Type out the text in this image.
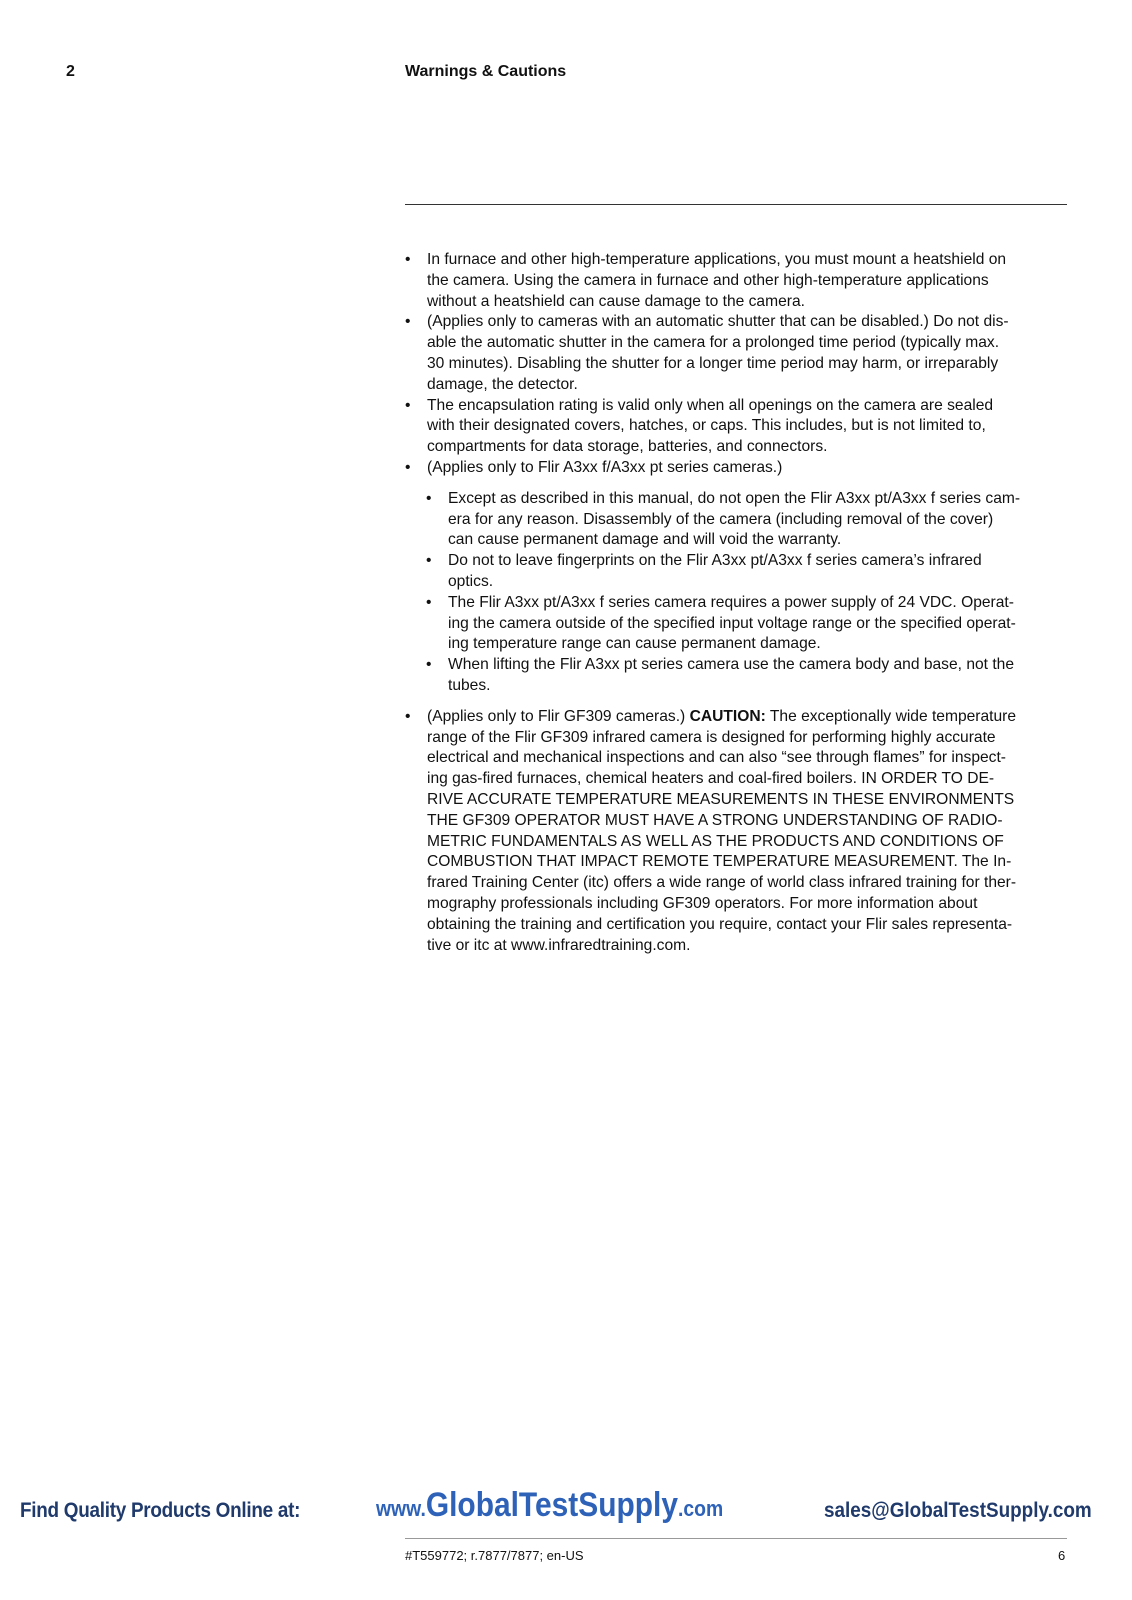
2	Warnings & Cautions
• In furnace and other high-temperature applications, you must mount a heatshield on
the camera. Using the camera in furnace and other high-temperature applications
without a heatshield can cause damage to the camera.
• (Applies only to cameras with an automatic shutter that can be disabled.) Do not dis-
able the automatic shutter in the camera for a prolonged time period (typically max.
30 minutes). Disabling the shutter for a longer time period may harm, or irreparably
damage, the detector.
• The encapsulation rating is valid only when all openings on the camera are sealed
with their designated covers, hatches, or caps. This includes, but is not limited to,
compartments for data storage, batteries, and connectors.
• (Applies only to Flir A3xx f/A3xx pt series cameras.)
• Except as described in this manual, do not open the Flir A3xx pt/A3xx f series cam-
era for any reason. Disassembly of the camera (including removal of the cover)
can cause permanent damage and will void the warranty.
• Do not to leave fingerprints on the Flir A3xx pt/A3xx f series camera’s infrared
optics.
• The Flir A3xx pt/A3xx f series camera requires a power supply of 24 VDC. Operat-
ing the camera outside of the specified input voltage range or the specified operat-
ing temperature range can cause permanent damage.
• When lifting the Flir A3xx pt series camera use the camera body and base, not the
tubes.
• (Applies only to Flir GF309 cameras.) CAUTION: The exceptionally wide temperature
range of the Flir GF309 infrared camera is designed for performing highly accurate
electrical and mechanical inspections and can also “see through flames” for inspect-
ing gas-fired furnaces, chemical heaters and coal-fired boilers. IN ORDER TO DE-
RIVE ACCURATE TEMPERATURE MEASUREMENTS IN THESE ENVIRONMENTS
THE GF309 OPERATOR MUST HAVE A STRONG UNDERSTANDING OF RADIO-
METRIC FUNDAMENTALS AS WELL AS THE PRODUCTS AND CONDITIONS OF
COMBUSTION THAT IMPACT REMOTE TEMPERATURE MEASUREMENT. The In-
frared Training Center (itc) offers a wide range of world class infrared training for ther-
mography professionals including GF309 operators. For more information about
obtaining the training and certification you require, contact your Flir sales representa-
tive or itc at www.infraredtraining.com.
Find Quality Products Online at:	www.GlobalTestSupply.com	sales@GlobalTestSupply.com
#T559772; r.7877/7877; en-US	6
